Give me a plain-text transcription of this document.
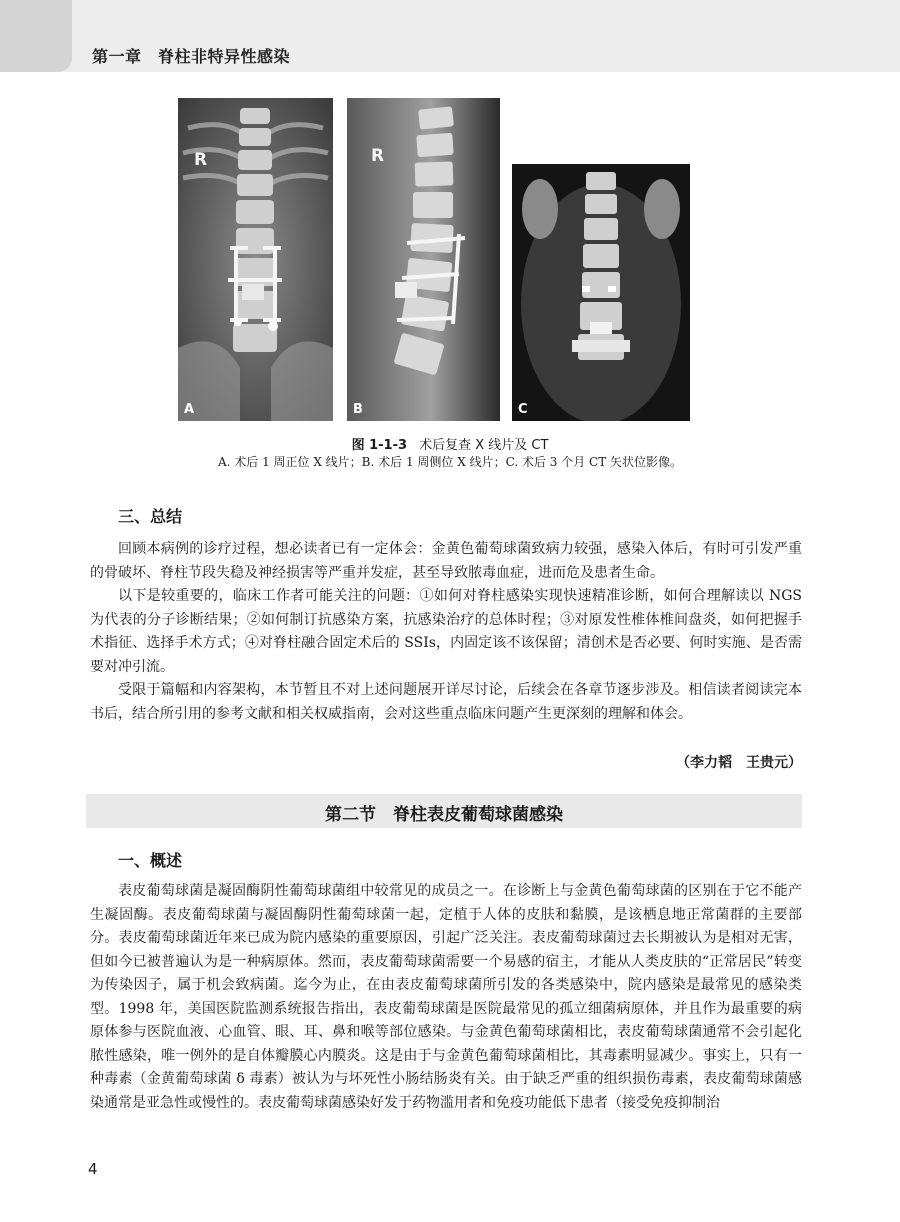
第一章　脊柱非特异性感染
R
A
R
B	C
图 1-1-3 术后复查 X 线片及 CT
A. 术后 1 周正位 X 线片；B. 术后 1 周侧位 X 线片；C. 术后 3 个月 CT 矢状位影像。
三、总结
回顾本病例的诊疗过程，想必读者已有一定体会：金黄色葡萄球菌致病力较强，感染入体后，有时可引发严重的骨破坏、脊柱节段失稳及神经损害等严重并发症，甚至导致脓毒血症，进而危及患者生命。
以下是较重要的，临床工作者可能关注的问题：①如何对脊柱感染实现快速精准诊断，如何合理解读以 NGS 为代表的分子诊断结果；②如何制订抗感染方案，抗感染治疗的总体时程；③对原发性椎体椎间盘炎，如何把握手术指征、选择手术方式；④对脊柱融合固定术后的 SSIs，内固定该不该保留；清创术是否必要、何时实施、是否需要对冲引流。
受限于篇幅和内容架构，本节暂且不对上述问题展开详尽讨论，后续会在各章节逐步涉及。相信读者阅读完本书后，结合所引用的参考文献和相关权威指南，会对这些重点临床问题产生更深刻的理解和体会。
（李力韬　王贵元）
第二节　脊柱表皮葡萄球菌感染
一、概述
表皮葡萄球菌是凝固酶阴性葡萄球菌组中较常见的成员之一。在诊断上与金黄色葡萄球菌的区别在于它不能产生凝固酶。表皮葡萄球菌与凝固酶阴性葡萄球菌一起，定植于人体的皮肤和黏膜，是该栖息地正常菌群的主要部分。表皮葡萄球菌近年来已成为院内感染的重要原因，引起广泛关注。表皮葡萄球菌过去长期被认为是相对无害，但如今已被普遍认为是一种病原体。然而，表皮葡萄球菌需要一个易感的宿主，才能从人类皮肤的“正常居民”转变为传染因子，属于机会致病菌。迄今为止，在由表皮葡萄球菌所引发的各类感染中，院内感染是最常见的感染类型。1998 年，美国医院监测系统报告指出，表皮葡萄球菌是医院最常见的孤立细菌病原体，并且作为最重要的病原体参与医院血液、心血管、眼、耳、鼻和喉等部位感染。与金黄色葡萄球菌相比，表皮葡萄球菌通常不会引起化脓性感染，唯一例外的是自体瓣膜心内膜炎。这是由于与金黄色葡萄球菌相比，其毒素明显减少。事实上，只有一种毒素（金黄葡萄球菌 δ 毒素）被认为与坏死性小肠结肠炎有关。由于缺乏严重的组织损伤毒素，表皮葡萄球菌感染通常是亚急性或慢性的。表皮葡萄球菌感染好发于药物滥用者和免疫功能低下患者（接受免疫抑制治
4
